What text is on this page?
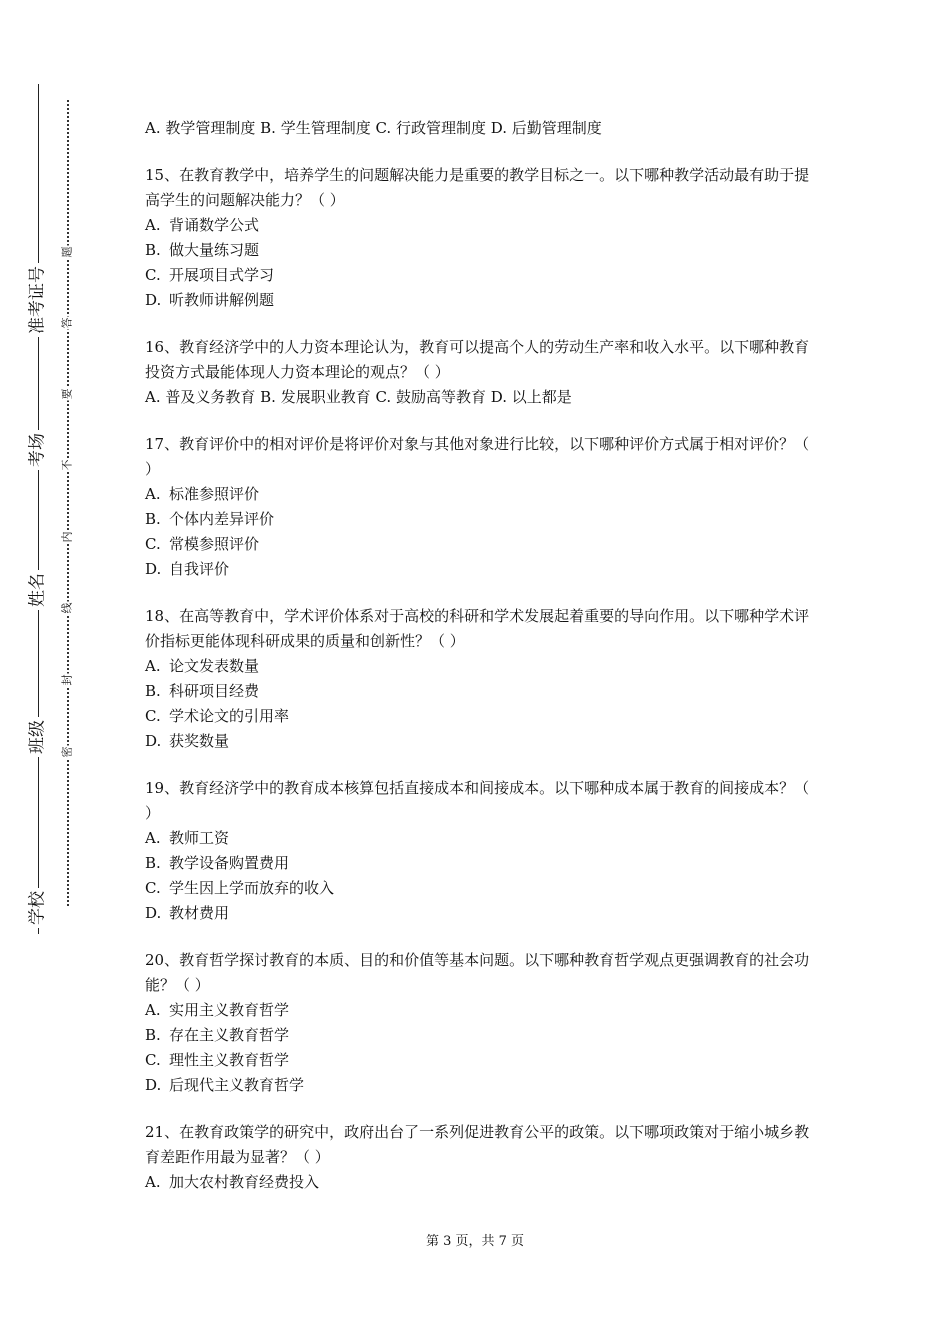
准考证号
考场
姓名
班级
学校
题
答
要
不
内
线
封
密
A. 教学管理制度 B. 学生管理制度 C. 行政管理制度 D. 后勤管理制度
15、在教育教学中，培养学生的问题解决能力是重要的教学目标之一。以下哪种教学活动最有助于提高学生的问题解决能力？（ ）
A. 背诵数学公式
B. 做大量练习题
C. 开展项目式学习
D. 听教师讲解例题
16、教育经济学中的人力资本理论认为，教育可以提高个人的劳动生产率和收入水平。以下哪种教育投资方式最能体现人力资本理论的观点？（ ）
A. 普及义务教育 B. 发展职业教育 C. 鼓励高等教育 D. 以上都是
17、教育评价中的相对评价是将评价对象与其他对象进行比较，以下哪种评价方式属于相对评价？（ ）
A. 标准参照评价
B. 个体内差异评价
C. 常模参照评价
D. 自我评价
18、在高等教育中，学术评价体系对于高校的科研和学术发展起着重要的导向作用。以下哪种学术评价指标更能体现科研成果的质量和创新性？（ ）
A. 论文发表数量
B. 科研项目经费
C. 学术论文的引用率
D. 获奖数量
19、教育经济学中的教育成本核算包括直接成本和间接成本。以下哪种成本属于教育的间接成本？（ ）
A. 教师工资
B. 教学设备购置费用
C. 学生因上学而放弃的收入
D. 教材费用
20、教育哲学探讨教育的本质、目的和价值等基本问题。以下哪种教育哲学观点更强调教育的社会功能？（ ）
A. 实用主义教育哲学
B. 存在主义教育哲学
C. 理性主义教育哲学
D. 后现代主义教育哲学
21、在教育政策学的研究中，政府出台了一系列促进教育公平的政策。以下哪项政策对于缩小城乡教育差距作用最为显著？（ ）
A. 加大农村教育经费投入
第 3 页，共 7 页
